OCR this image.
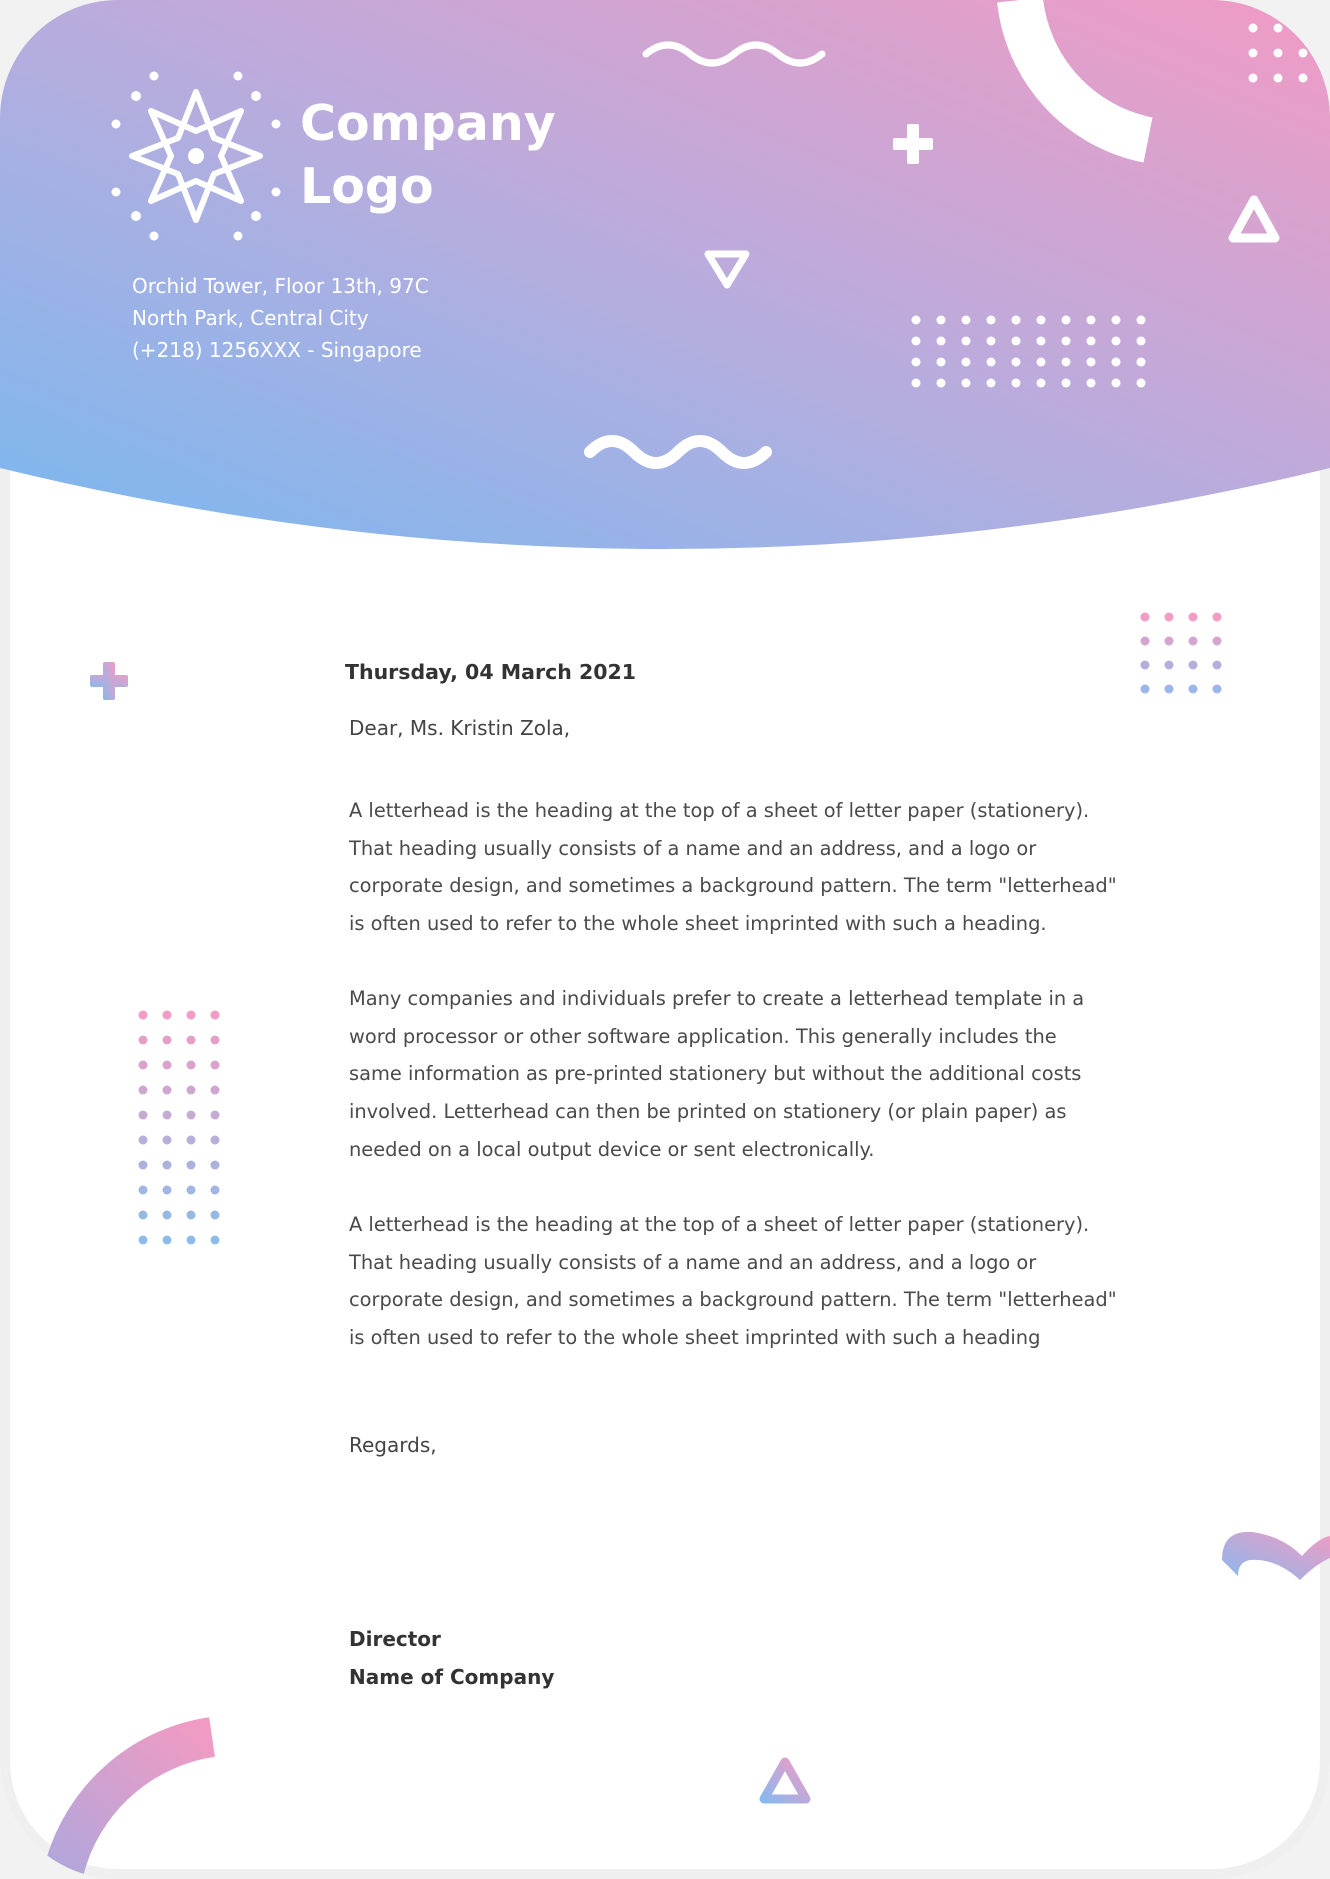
Company
Logo
Orchid Tower, Floor 13th, 97C
North Park, Central City
(+218) 1256XXX - Singapore
Thursday, 04 March 2021
Dear, Ms. Kristin Zola,
A letterhead is the heading at the top of a sheet of letter paper (stationery).
That heading usually consists of a name and an address, and a logo or
corporate design, and sometimes a background pattern. The term "letterhead"
is often used to refer to the whole sheet imprinted with such a heading.
Many companies and individuals prefer to create a letterhead template in a
word processor or other software application. This generally includes the
same information as pre-printed stationery but without the additional costs
involved. Letterhead can then be printed on stationery (or plain paper) as
needed on a local output device or sent electronically.
A letterhead is the heading at the top of a sheet of letter paper (stationery).
That heading usually consists of a name and an address, and a logo or
corporate design, and sometimes a background pattern. The term "letterhead"
is often used to refer to the whole sheet imprinted with such a heading
Regards,
Director
Name of Company
